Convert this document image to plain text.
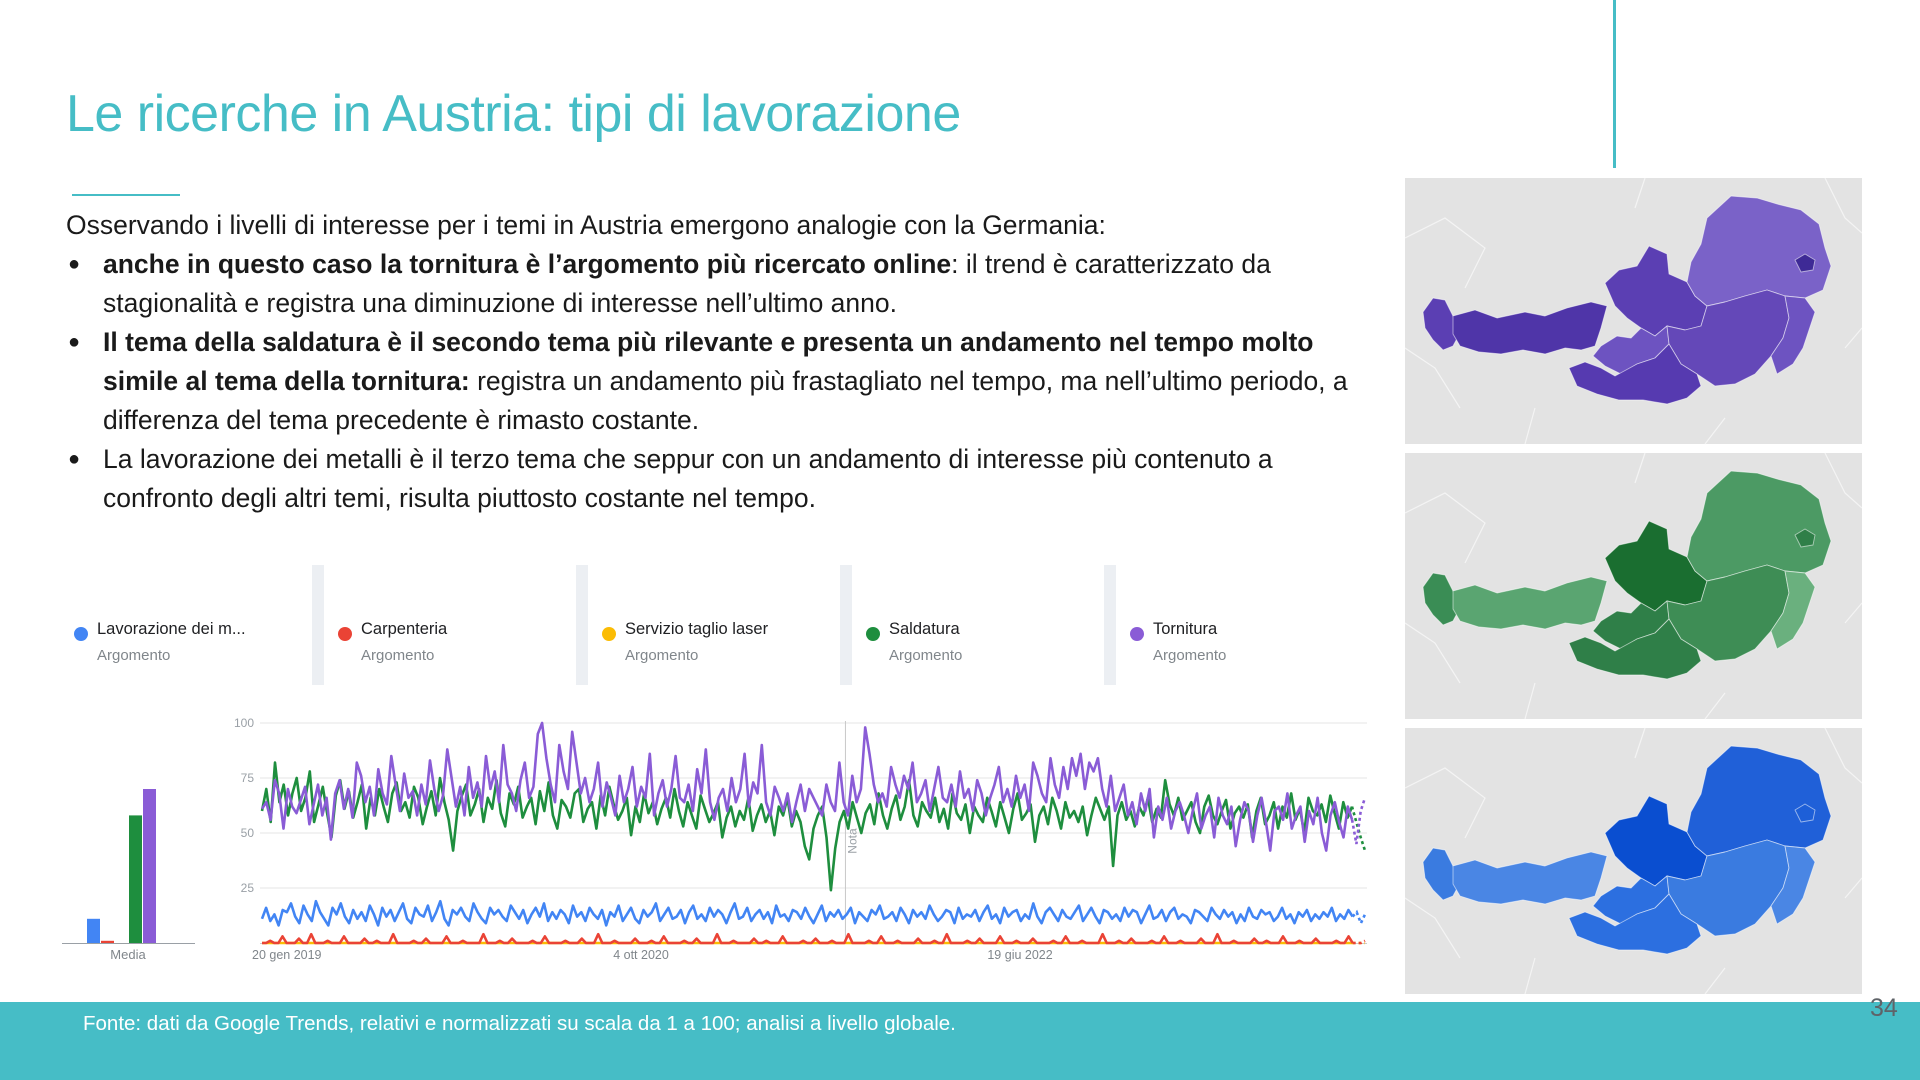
Le ricerche in Austria: tipi di lavorazione

Osservando i livelli di interesse per i temi in Austria emergono analogie con la Germania:

● anche in questo caso la tornitura è l’argomento più ricercato online: il trend è caratterizzato da stagionalità e registra una diminuzione di interesse nell’ultimo anno.
● Il tema della saldatura è il secondo tema più rilevante e presenta un andamento nel tempo molto simile al tema della tornitura: registra un andamento più frastagliato nel tempo, ma nell’ultimo periodo, a differenza del tema precedente è rimasto costante.
● La lavorazione dei metalli è il terzo tema che seppur con un andamento di interesse più contenuto a confronto degli altri temi, risulta piuttosto costante nel tempo.
Lavorazione dei m...
Argomento
Carpenteria
Argomento
Servizio taglio laser
Argomento
Saldatura
Argomento
Tornitura
Argomento
Media
25
50
75
100
Nota
20 gen 2019	4 ott 2020	19 giu 2022
Fonte: dati da Google Trends, relativi e normalizzati su scala da 1 a 100; analisi a livello globale.
34
